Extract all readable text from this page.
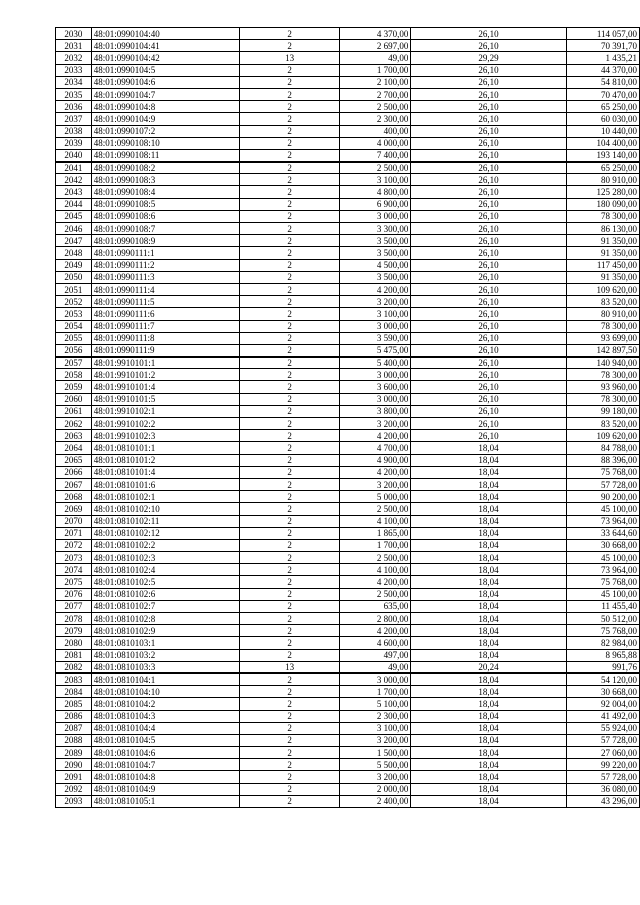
2030	48:01:0990104:40	2	4 370,00	26,10	114 057,00
2031	48:01:0990104:41	2	2 697,00	26,10	70 391,70
2032	48:01:0990104:42	13	49,00	29,29	1 435,21
2033	48:01:0990104:5	2	1 700,00	26,10	44 370,00
2034	48:01:0990104:6	2	2 100,00	26,10	54 810,00
2035	48:01:0990104:7	2	2 700,00	26,10	70 470,00
2036	48:01:0990104:8	2	2 500,00	26,10	65 250,00
2037	48:01:0990104:9	2	2 300,00	26,10	60 030,00
2038	48:01:0990107:2	2	400,00	26,10	10 440,00
2039	48:01:0990108:10	2	4 000,00	26,10	104 400,00
2040	48:01:0990108:11	2	7 400,00	26,10	193 140,00
2041	48:01:0990108:2	2	2 500,00	26,10	65 250,00
2042	48:01:0990108:3	2	3 100,00	26,10	80 910,00
2043	48:01:0990108:4	2	4 800,00	26,10	125 280,00
2044	48:01:0990108:5	2	6 900,00	26,10	180 090,00
2045	48:01:0990108:6	2	3 000,00	26,10	78 300,00
2046	48:01:0990108:7	2	3 300,00	26,10	86 130,00
2047	48:01:0990108:9	2	3 500,00	26,10	91 350,00
2048	48:01:0990111:1	2	3 500,00	26,10	91 350,00
2049	48:01:0990111:2	2	4 500,00	26,10	117 450,00
2050	48:01:0990111:3	2	3 500,00	26,10	91 350,00
2051	48:01:0990111:4	2	4 200,00	26,10	109 620,00
2052	48:01:0990111:5	2	3 200,00	26,10	83 520,00
2053	48:01:0990111:6	2	3 100,00	26,10	80 910,00
2054	48:01:0990111:7	2	3 000,00	26,10	78 300,00
2055	48:01:0990111:8	2	3 590,00	26,10	93 699,00
2056	48:01:0990111:9	2	5 475,00	26,10	142 897,50
2057	48:01:9910101:1	2	5 400,00	26,10	140 940,00
2058	48:01:9910101:2	2	3 000,00	26,10	78 300,00
2059	48:01:9910101:4	2	3 600,00	26,10	93 960,00
2060	48:01:9910101:5	2	3 000,00	26,10	78 300,00
2061	48:01:9910102:1	2	3 800,00	26,10	99 180,00
2062	48:01:9910102:2	2	3 200,00	26,10	83 520,00
2063	48:01:9910102:3	2	4 200,00	26,10	109 620,00
2064	48:01:0810101:1	2	4 700,00	18,04	84 788,00
2065	48:01:0810101:2	2	4 900,00	18,04	88 396,00
2066	48:01:0810101:4	2	4 200,00	18,04	75 768,00
2067	48:01:0810101:6	2	3 200,00	18,04	57 728,00
2068	48:01:0810102:1	2	5 000,00	18,04	90 200,00
2069	48:01:0810102:10	2	2 500,00	18,04	45 100,00
2070	48:01:0810102:11	2	4 100,00	18,04	73 964,00
2071	48:01:0810102:12	2	1 865,00	18,04	33 644,60
2072	48:01:0810102:2	2	1 700,00	18,04	30 668,00
2073	48:01:0810102:3	2	2 500,00	18,04	45 100,00
2074	48:01:0810102:4	2	4 100,00	18,04	73 964,00
2075	48:01:0810102:5	2	4 200,00	18,04	75 768,00
2076	48:01:0810102:6	2	2 500,00	18,04	45 100,00
2077	48:01:0810102:7	2	635,00	18,04	11 455,40
2078	48:01:0810102:8	2	2 800,00	18,04	50 512,00
2079	48:01:0810102:9	2	4 200,00	18,04	75 768,00
2080	48:01:0810103:1	2	4 600,00	18,04	82 984,00
2081	48:01:0810103:2	2	497,00	18,04	8 965,88
2082	48:01:0810103:3	13	49,00	20,24	991,76
2083	48:01:0810104:1	2	3 000,00	18,04	54 120,00
2084	48:01:0810104:10	2	1 700,00	18,04	30 668,00
2085	48:01:0810104:2	2	5 100,00	18,04	92 004,00
2086	48:01:0810104:3	2	2 300,00	18,04	41 492,00
2087	48:01:0810104:4	2	3 100,00	18,04	55 924,00
2088	48:01:0810104:5	2	3 200,00	18,04	57 728,00
2089	48:01:0810104:6	2	1 500,00	18,04	27 060,00
2090	48:01:0810104:7	2	5 500,00	18,04	99 220,00
2091	48:01:0810104:8	2	3 200,00	18,04	57 728,00
2092	48:01:0810104:9	2	2 000,00	18,04	36 080,00
2093	48:01:0810105:1	2	2 400,00	18,04	43 296,00
